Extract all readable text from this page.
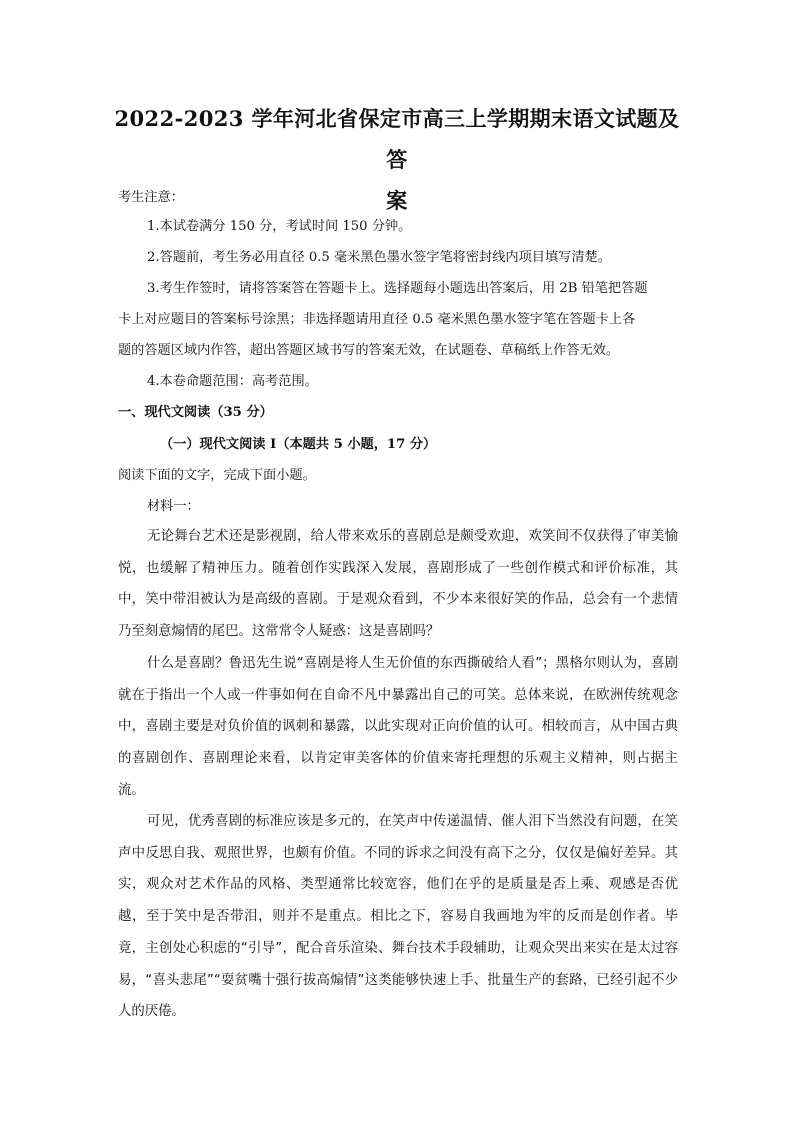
2022-2023 学年河北省保定市高三上学期期末语文试题及答
案
考生注意：
1.本试卷满分 150 分，考试时间 150 分钟。
2.答题前，考生务必用直径 0.5 毫米黑色墨水签字笔将密封线内项目填写清楚。
3.考生作签时，请将答案答在答题卡上。选择题每小题选出答案后，用 2B 铅笔把答题
卡上对应题目的答案标号涂黑；非选择题请用直径 0.5 毫米黑色墨水签字笔在答题卡上各
题的答题区域内作答，超出答题区域书写的答案无效，在试题卷、草稿纸上作答无效。
4.本卷命题范围：高考范围。
一、现代文阅读（35 分）
（一）现代文阅读 I（本题共 5 小题，17 分）
阅读下面的文字，完成下面小题。
材料一：
无论舞台艺术还是影视剧，给人带来欢乐的喜剧总是颇受欢迎，欢笑间不仅获得了审美愉悦，也缓解了精神压力。随着创作实践深入发展，喜剧形成了一些创作模式和评价标准，其中，笑中带泪被认为是高级的喜剧。于是观众看到，不少本来很好笑的作品，总会有一个悲情乃至刻意煽情的尾巴。这常常令人疑惑：这是喜剧吗？
什么是喜剧？鲁迅先生说“喜剧是将人生无价值的东西撕破给人看”；黑格尔则认为，喜剧就在于指出一个人或一件事如何在自命不凡中暴露出自己的可笑。总体来说，在欧洲传统观念中，喜剧主要是对负价值的讽刺和暴露，以此实现对正向价值的认可。相较而言，从中国古典的喜剧创作、喜剧理论来看，以肯定审美客体的价值来寄托理想的乐观主义精神，则占据主流。
可见，优秀喜剧的标准应该是多元的，在笑声中传递温情、催人泪下当然没有问题，在笑声中反思自我、观照世界，也颇有价值。不同的诉求之间没有高下之分，仅仅是偏好差异。其实，观众对艺术作品的风格、类型通常比较宽容，他们在乎的是质量是否上乘、观感是否优越，至于笑中是否带泪，则并不是重点。相比之下，容易自我画地为牢的反而是创作者。毕竟，主创处心积虑的“引导”，配合音乐渲染、舞台技术手段辅助，让观众哭出来实在是太过容易，“喜头悲尾”“耍贫嘴十强行拔高煽情”这类能够快速上手、批量生产的套路，已经引起不少人的厌倦。
